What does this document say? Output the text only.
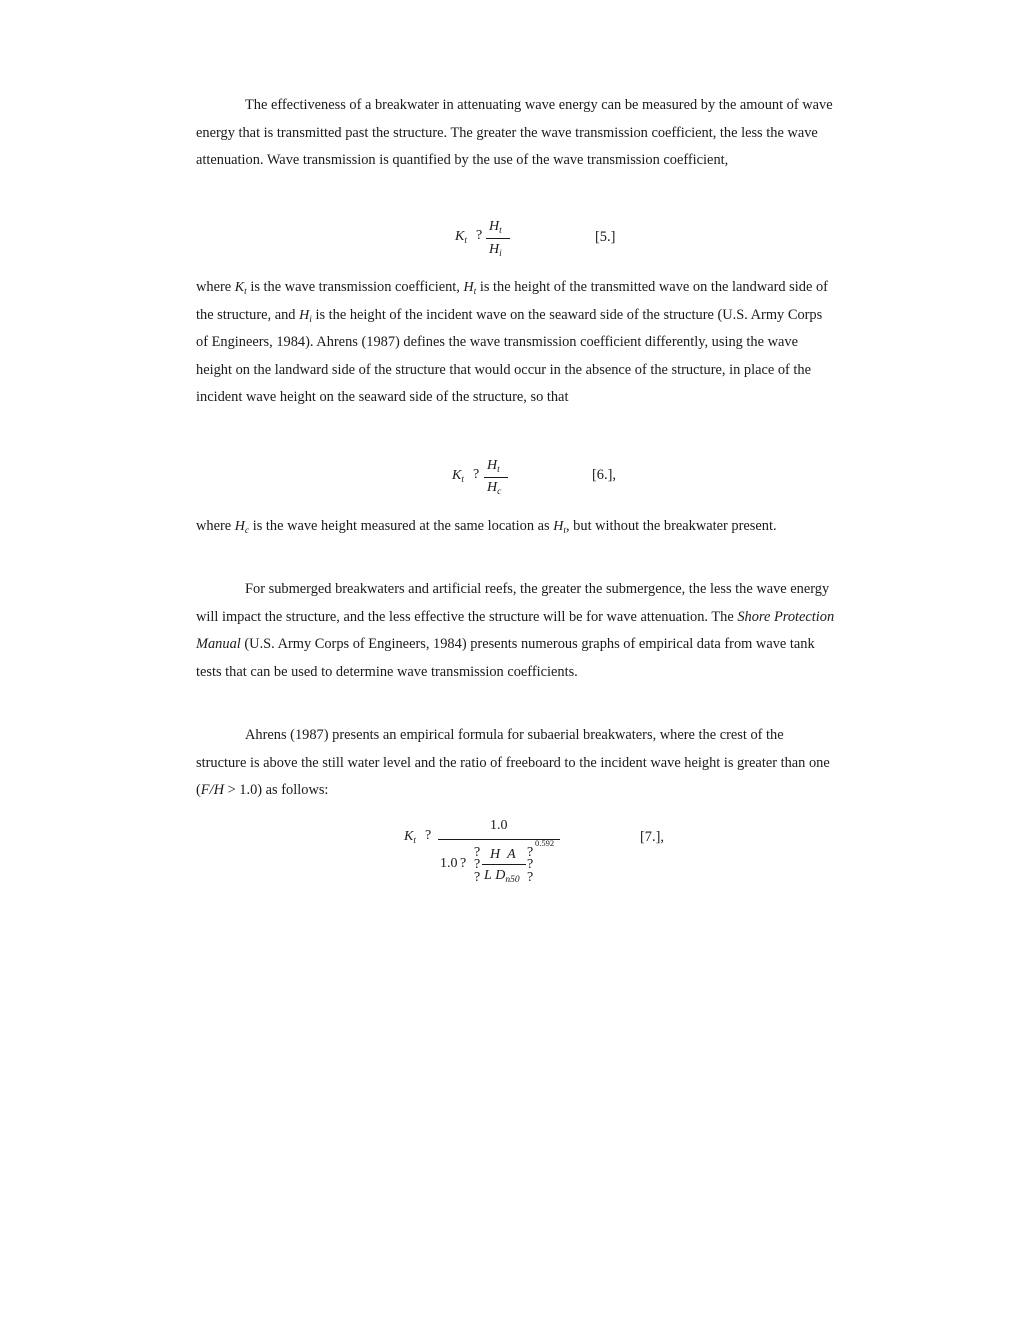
The effectiveness of a breakwater in attenuating wave energy can be measured by the amount of wave energy that is transmitted past the structure. The greater the wave transmission coefficient, the less the wave attenuation. Wave transmission is quantified by the use of the wave transmission coefficient,

$K_t$ ?
$H_t$
$H_i$
[5.]

where $K_t$ is the wave transmission coefficient, $H_t$ is the height of the transmitted wave on the landward side of the structure, and $H_i$ is the height of the incident wave on the seaward side of the structure (U.S. Army Corps of Engineers, 1984). Ahrens (1987) defines the wave transmission coefficient differently, using the wave height on the landward side of the structure that would occur in the absence of the structure, in place of the incident wave height on the seaward side of the structure, so that

$K_t$ ?
$H_t$
$H_c$
[6.],

where $H_c$ is the wave height measured at the same location as $H_t$, but without the breakwater present.

For submerged breakwaters and artificial reefs, the greater the submergence, the less the wave energy will impact the structure, and the less effective the structure will be for wave attenuation. The Shore Protection Manual (U.S. Army Corps of Engineers, 1984) presents numerous graphs of empirical data from wave tank tests that can be used to determine wave transmission coefficients.

Ahrens (1987) presents an empirical formula for subaerial breakwaters, where the crest of the structure is above the still water level and the ratio of freeboard to the incident wave height is greater than one (F/H > 1.0) as follows:

$K_t$ ?
1.0
0.592
1.0 ?
?
?
?
?
?
?
H A
L $D_{n50}$
[7.],
